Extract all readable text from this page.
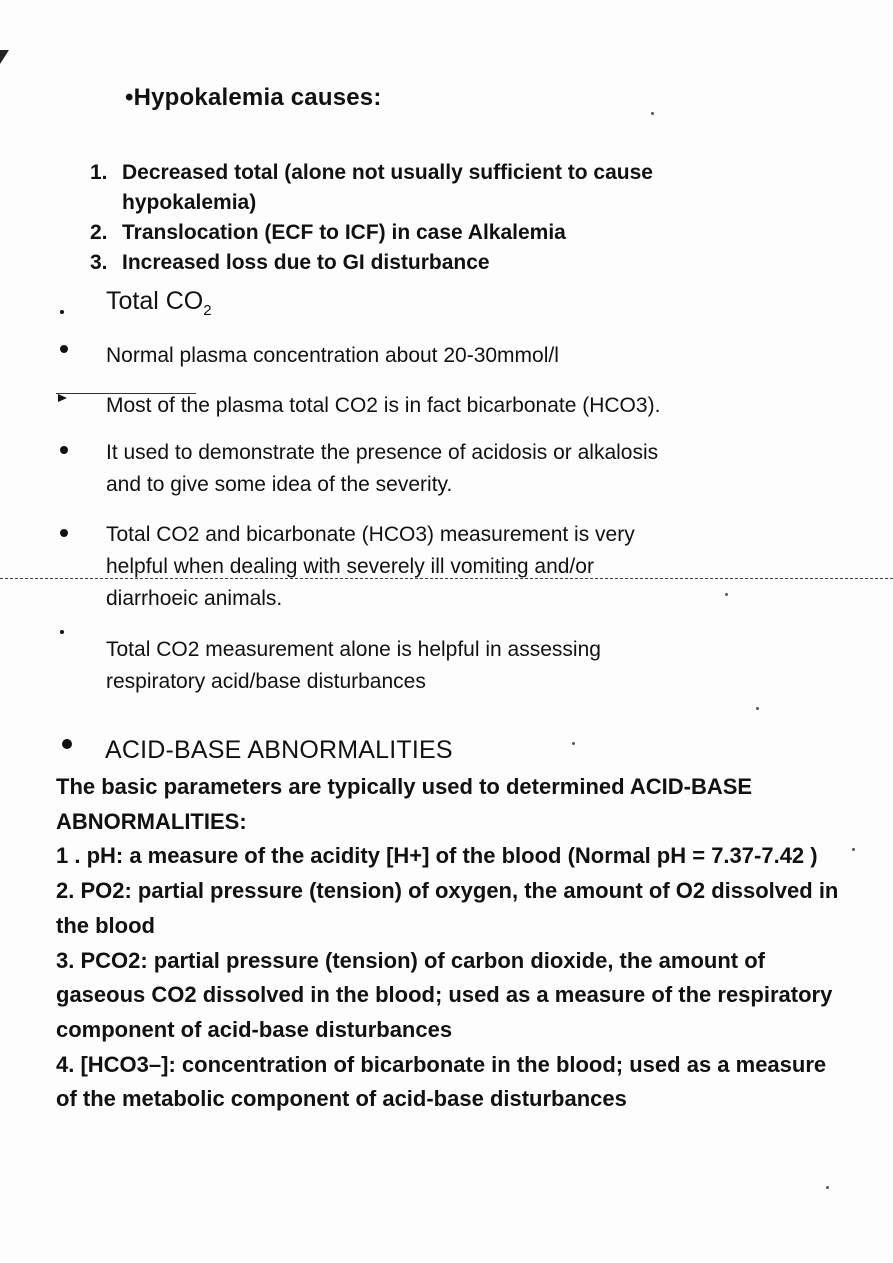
•Hypokalemia causes:
1. Decreased total (alone not usually sufficient to cause
hypokalemia)
2. Translocation (ECF to ICF) in case Alkalemia
3. Increased loss due to GI disturbance
Total $CO_2$
Normal plasma concentration about 20-30mmol/l
Most of the plasma total CO2 is in fact bicarbonate (HCO3).
It used to demonstrate the presence of acidosis or alkalosis
and to give some idea of the severity.
Total CO2 and bicarbonate (HCO3) measurement is very
helpful when dealing with severely ill vomiting and/or
diarrhoeic animals.
Total CO2 measurement alone is helpful in assessing
respiratory acid/base disturbances
ACID-BASE ABNORMALITIES

The basic parameters are typically used to determined ACID-BASE ABNORMALITIES:

1 . pH: a measure of the acidity [H+] of the blood (Normal pH = 7.37-7.42 )

2. PO2: partial pressure (tension) of oxygen, the amount of O2 dissolved in the blood

3. PCO2: partial pressure (tension) of carbon dioxide, the amount of gaseous CO2 dissolved in the blood; used as a measure of the respiratory component of acid-base disturbances

4. [HCO3–]: concentration of bicarbonate in the blood; used as a measure of the metabolic component of acid-base disturbances
